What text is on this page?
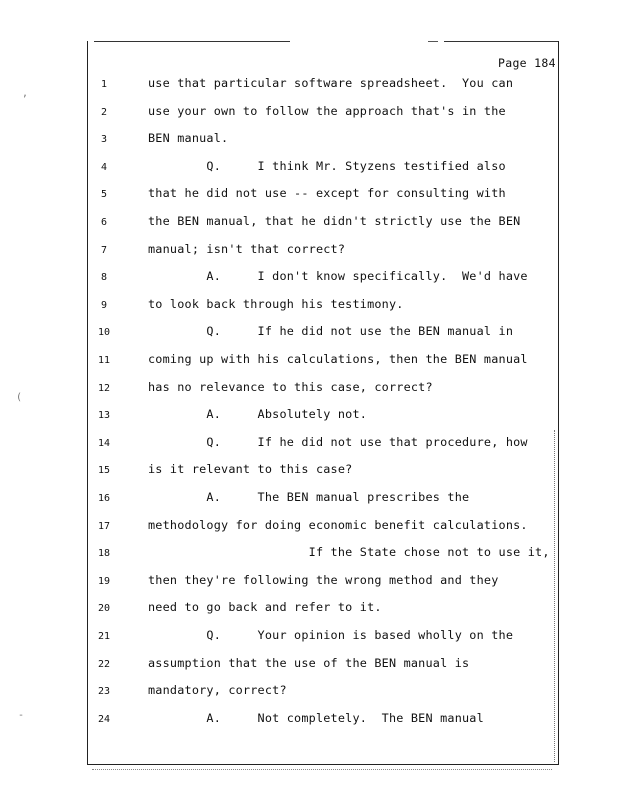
,
(
-
Page 184
1	use that particular software spreadsheet.  You can
2	use your own to follow the approach that's in the
3	BEN manual.
4	Q.     I think Mr. Styzens testified also
5	that he did not use -- except for consulting with
6	the BEN manual, that he didn't strictly use the BEN
7	manual; isn't that correct?
8	A.     I don't know specifically.  We'd have
9	to look back through his testimony.
10	Q.     If he did not use the BEN manual in
11	coming up with his calculations, then the BEN manual
12	has no relevance to this case, correct?
13	A.     Absolutely not.
14	Q.     If he did not use that procedure, how
15	is it relevant to this case?
16	A.     The BEN manual prescribes the
17	methodology for doing economic benefit calculations.
18	If the State chose not to use it,
19	then they're following the wrong method and they
20	need to go back and refer to it.
21	Q.     Your opinion is based wholly on the
22	assumption that the use of the BEN manual is
23	mandatory, correct?
24	A.     Not completely.  The BEN manual
